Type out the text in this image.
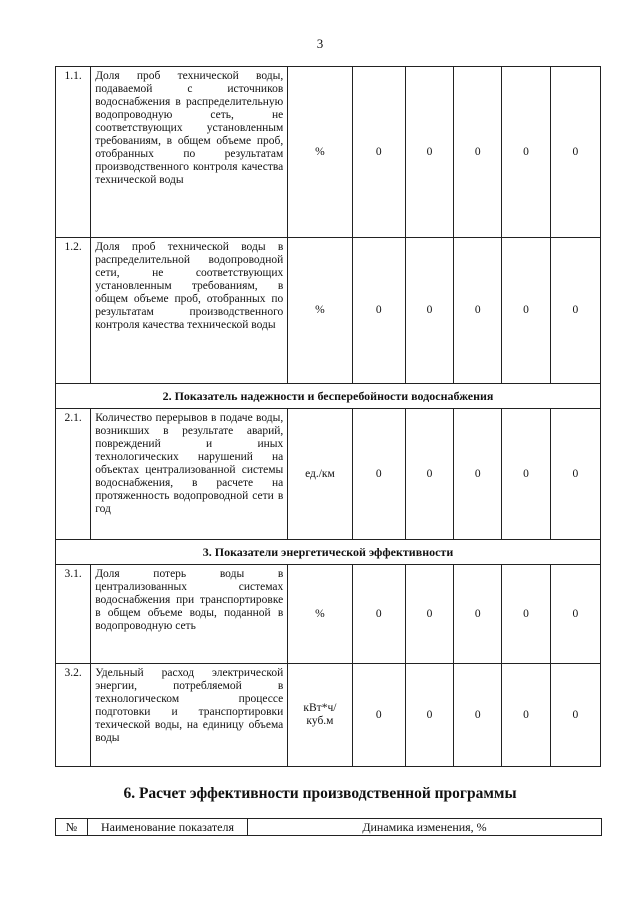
3
1.1.	Доля проб технической воды, подаваемой с источников водоснабжения в распределительную водопроводную сеть, не соответствующих установленным требованиям, в общем объеме проб, отобранных по результатам производственного контроля качества технической воды	%	0	0	0	0	0
1.2.	Доля проб технической воды в распределительной водопроводной сети, не соответствующих установленным требованиям, в общем объеме проб, отобранных по результатам производственного контроля качества технической воды	%	0	0	0	0	0
2. Показатель надежности и бесперебойности водоснабжения							
2.1.	Количество перерывов в подаче воды, возникших в результате аварий, повреждений и иных технологических нарушений на объектах централизованной системы водоснабжения, в расчете на протяженность водопроводной сети в год	ед./км	0	0	0	0	0
3. Показатели энергетической эффективности							
3.1.	Доля потерь воды в централизованных системах водоснабжения при транспортировке в общем объеме воды, поданной в водопроводную сеть	%	0	0	0	0	0
3.2.	Удельный расход электрической энергии, потребляемой в технологическом процессе подготовки и транспортировки техической воды, на единицу объема воды	кВт*ч/ куб.м	0	0	0	0	0
6. Расчет эффективности производственной программы
№	Наименование показателя	Динамика изменения, %
